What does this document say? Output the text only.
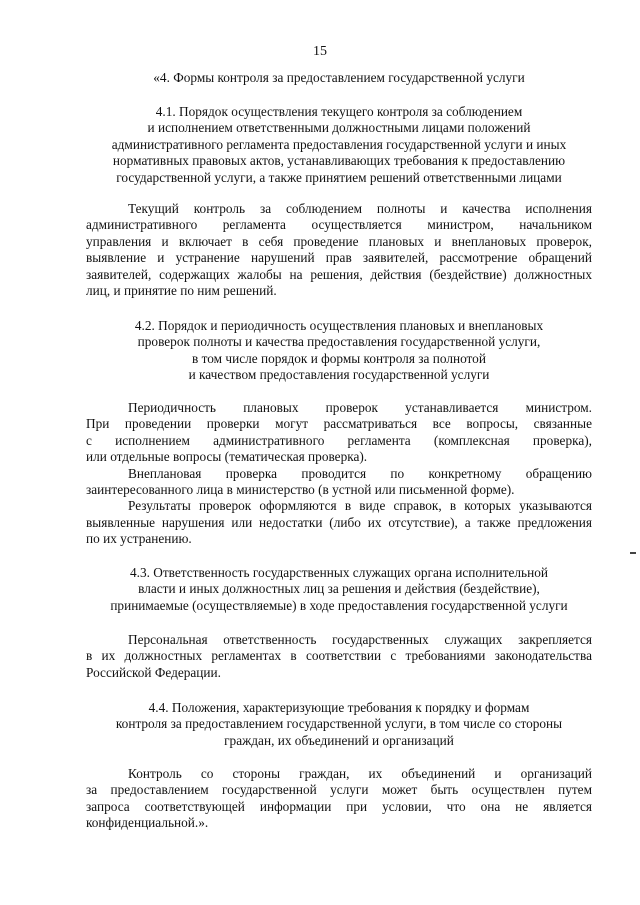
15
«4. Формы контроля за предоставлением государственной услуги
4.1. Порядок осуществления текущего контроля за соблюдением
и исполнением ответственными должностными лицами положений
административного регламента предоставления государственной услуги и иных
нормативных правовых актов, устанавливающих требования к предоставлению
государственной услуги, а также принятием решений ответственными лицами
Текущий контроль за соблюдением полноты и качества исполнения
административного регламента осуществляется министром, начальником
управления и включает в себя проведение плановых и внеплановых проверок,
выявление и устранение нарушений прав заявителей, рассмотрение обращений
заявителей, содержащих жалобы на решения, действия (бездействие) должностных
лиц, и принятие по ним решений.
4.2. Порядок и периодичность осуществления плановых и внеплановых
проверок полноты и качества предоставления государственной услуги,
в том числе порядок и формы контроля за полнотой
и качеством предоставления государственной услуги
Периодичность плановых проверок устанавливается министром.
При проведении проверки могут рассматриваться все вопросы, связанные
с исполнением административного регламента (комплексная проверка),
или отдельные вопросы (тематическая проверка).
Внеплановая проверка проводится по конкретному обращению
заинтересованного лица в министерство (в устной или письменной форме).
Результаты проверок оформляются в виде справок, в которых указываются
выявленные нарушения или недостатки (либо их отсутствие), а также предложения
по их устранению.
4.3. Ответственность государственных служащих органа исполнительной
власти и иных должностных лиц за решения и действия (бездействие),
принимаемые (осуществляемые) в ходе предоставления государственной услуги
Персональная ответственность государственных служащих закрепляется
в их должностных регламентах в соответствии с требованиями законодательства
Российской Федерации.
4.4. Положения, характеризующие требования к порядку и формам
контроля за предоставлением государственной услуги, в том числе со стороны
граждан, их объединений и организаций
Контроль со стороны граждан, их объединений и организаций
за предоставлением государственной услуги может быть осуществлен путем
запроса соответствующей информации при условии, что она не является
конфиденциальной.».
